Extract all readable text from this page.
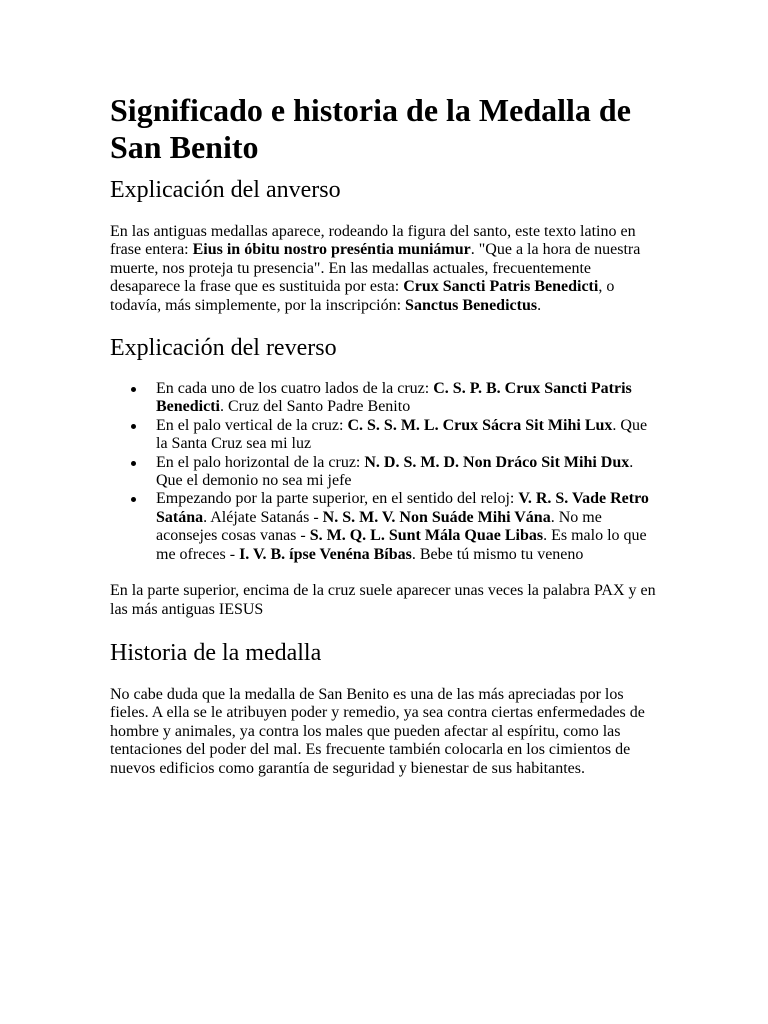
Significado e historia de la Medalla de San Benito
Explicación del anverso

En las antiguas medallas aparece, rodeando la figura del santo, este texto latino en frase entera: Eius in óbitu nostro preséntia muniámur. "Que a la hora de nuestra muerte, nos proteja tu presencia". En las medallas actuales, frecuentemente desaparece la frase que es sustituida por esta: Crux Sancti Patris Benedicti, o todavía, más simplemente, por la inscripción: Sanctus Benedictus.

Explicación del reverso
En cada uno de los cuatro lados de la cruz: C. S. P. B. Crux Sancti Patris Benedicti. Cruz del Santo Padre Benito
En el palo vertical de la cruz: C. S. S. M. L. Crux Sácra Sit Mihi Lux. Que la Santa Cruz sea mi luz
En el palo horizontal de la cruz: N. D. S. M. D. Non Dráco Sit Mihi Dux. Que el demonio no sea mi jefe
Empezando por la parte superior, en el sentido del reloj: V. R. S. Vade Retro Satána. Aléjate Satanás - N. S. M. V. Non Suáde Mihi Vána. No me aconsejes cosas vanas - S. M. Q. L. Sunt Mála Quae Libas. Es malo lo que me ofreces - I. V. B. ípse Venéna Bíbas. Bebe tú mismo tu veneno

En la parte superior, encima de la cruz suele aparecer unas veces la palabra PAX y en las más antiguas IESUS

Historia de la medalla

No cabe duda que la medalla de San Benito es una de las más apreciadas por los fieles. A ella se le atribuyen poder y remedio, ya sea contra ciertas enfermedades de hombre y animales, ya contra los males que pueden afectar al espíritu, como las tentaciones del poder del mal. Es frecuente también colocarla en los cimientos de nuevos edificios como garantía de seguridad y bienestar de sus habitantes.
